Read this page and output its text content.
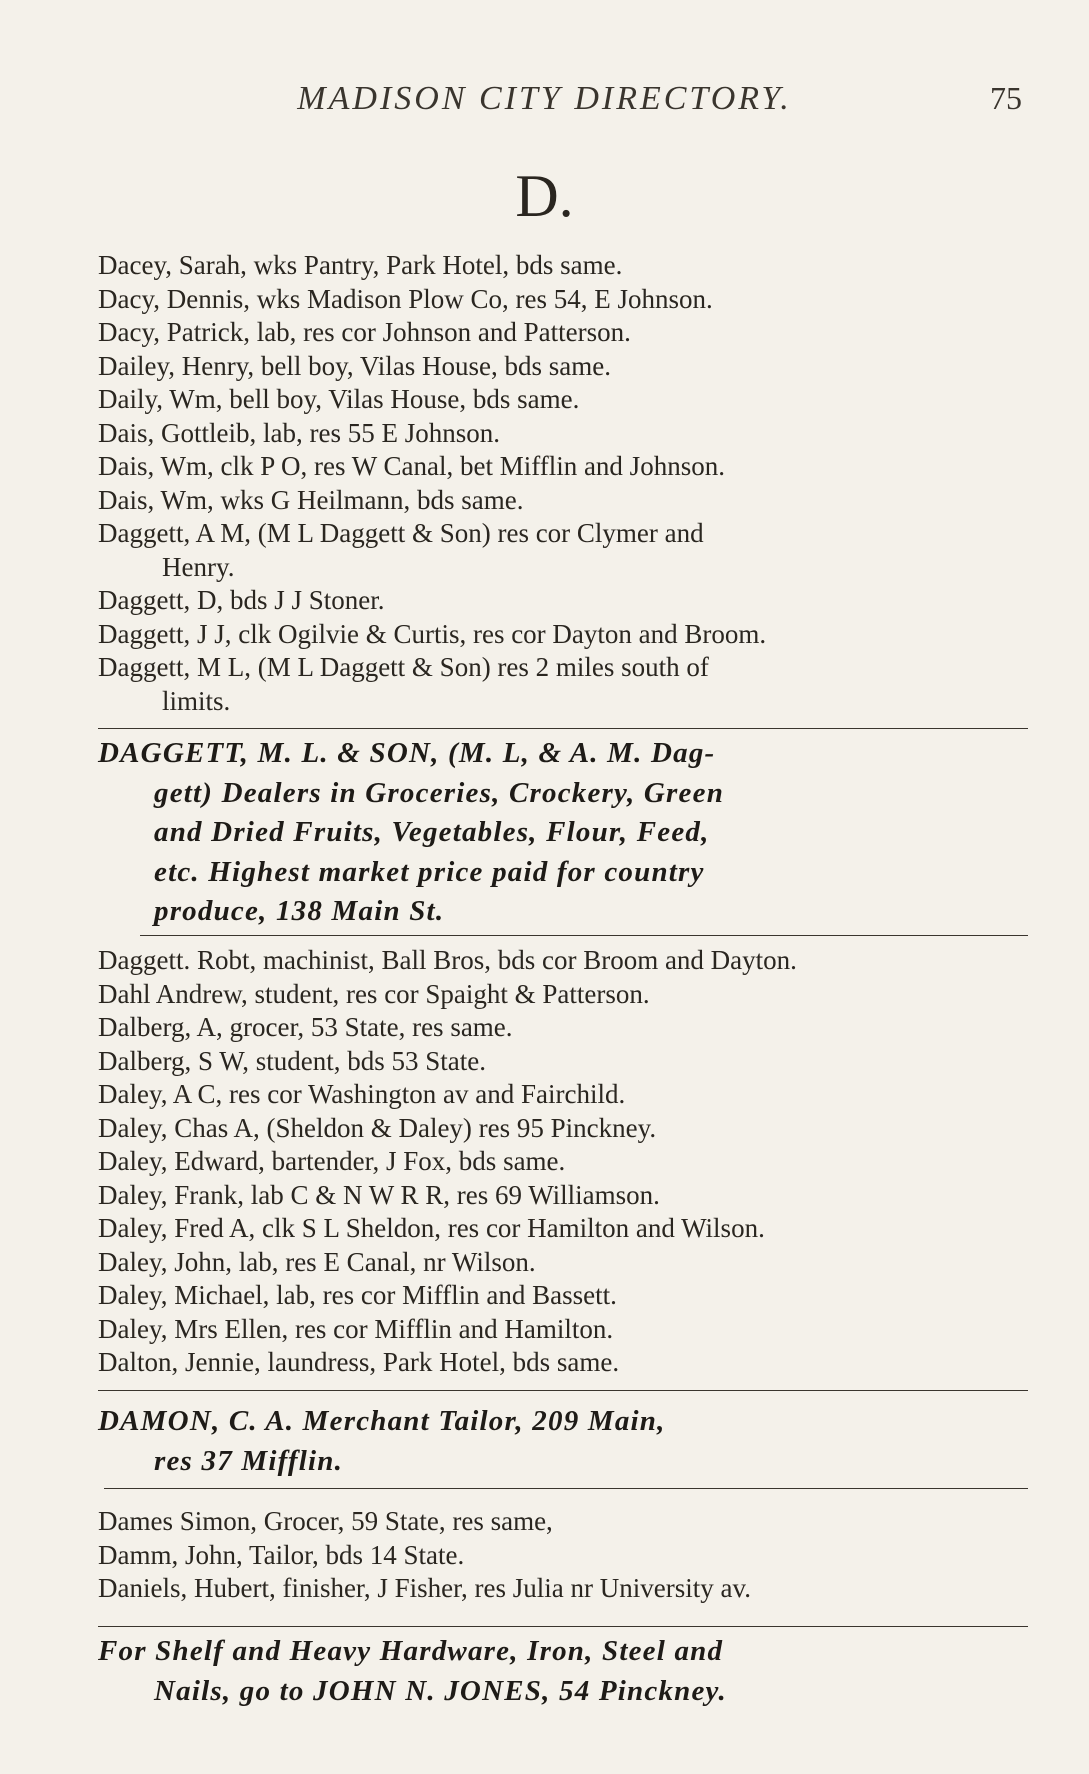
MADISON CITY DIRECTORY.	75
D.
Dacey, Sarah, wks Pantry, Park Hotel, bds same.
Dacy, Dennis, wks Madison Plow Co, res 54, E Johnson.
Dacy, Patrick, lab, res cor Johnson and Patterson.
Dailey, Henry, bell boy, Vilas House, bds same.
Daily, Wm, bell boy, Vilas House, bds same.
Dais, Gottleib, lab, res 55 E Johnson.
Dais, Wm, clk P O, res W Canal, bet Mifflin and Johnson.
Dais, Wm, wks G Heilmann, bds same.
Daggett, A M, (M L Daggett & Son) res cor Clymer and
Henry.
Daggett, D, bds J J Stoner.
Daggett, J J, clk Ogilvie & Curtis, res cor Dayton and Broom.
Daggett, M L, (M L Daggett & Son) res 2 miles south of
limits.
DAGGETT, M. L. & SON, (M. L, & A. M. Dag-
gett) Dealers in Groceries, Crockery, Green
and Dried Fruits, Vegetables, Flour, Feed,
etc. Highest market price paid for country
produce, 138 Main St.
Daggett. Robt, machinist, Ball Bros, bds cor Broom and Dayton.
Dahl Andrew, student, res cor Spaight & Patterson.
Dalberg, A, grocer, 53 State, res same.
Dalberg, S W, student, bds 53 State.
Daley, A C, res cor Washington av and Fairchild.
Daley, Chas A, (Sheldon & Daley) res 95 Pinckney.
Daley, Edward, bartender, J Fox, bds same.
Daley, Frank, lab C & N W R R, res 69 Williamson.
Daley, Fred A, clk S L Sheldon, res cor Hamilton and Wilson.
Daley, John, lab, res E Canal, nr Wilson.
Daley, Michael, lab, res cor Mifflin and Bassett.
Daley, Mrs Ellen, res cor Mifflin and Hamilton.
Dalton, Jennie, laundress, Park Hotel, bds same.
DAMON, C. A. Merchant Tailor, 209 Main,
res 37 Mifflin.
Dames Simon, Grocer, 59 State, res same,
Damm, John, Tailor, bds 14 State.
Daniels, Hubert, finisher, J Fisher, res Julia nr University av.
For Shelf and Heavy Hardware, Iron, Steel and
Nails, go to JOHN N. JONES, 54 Pinckney.
